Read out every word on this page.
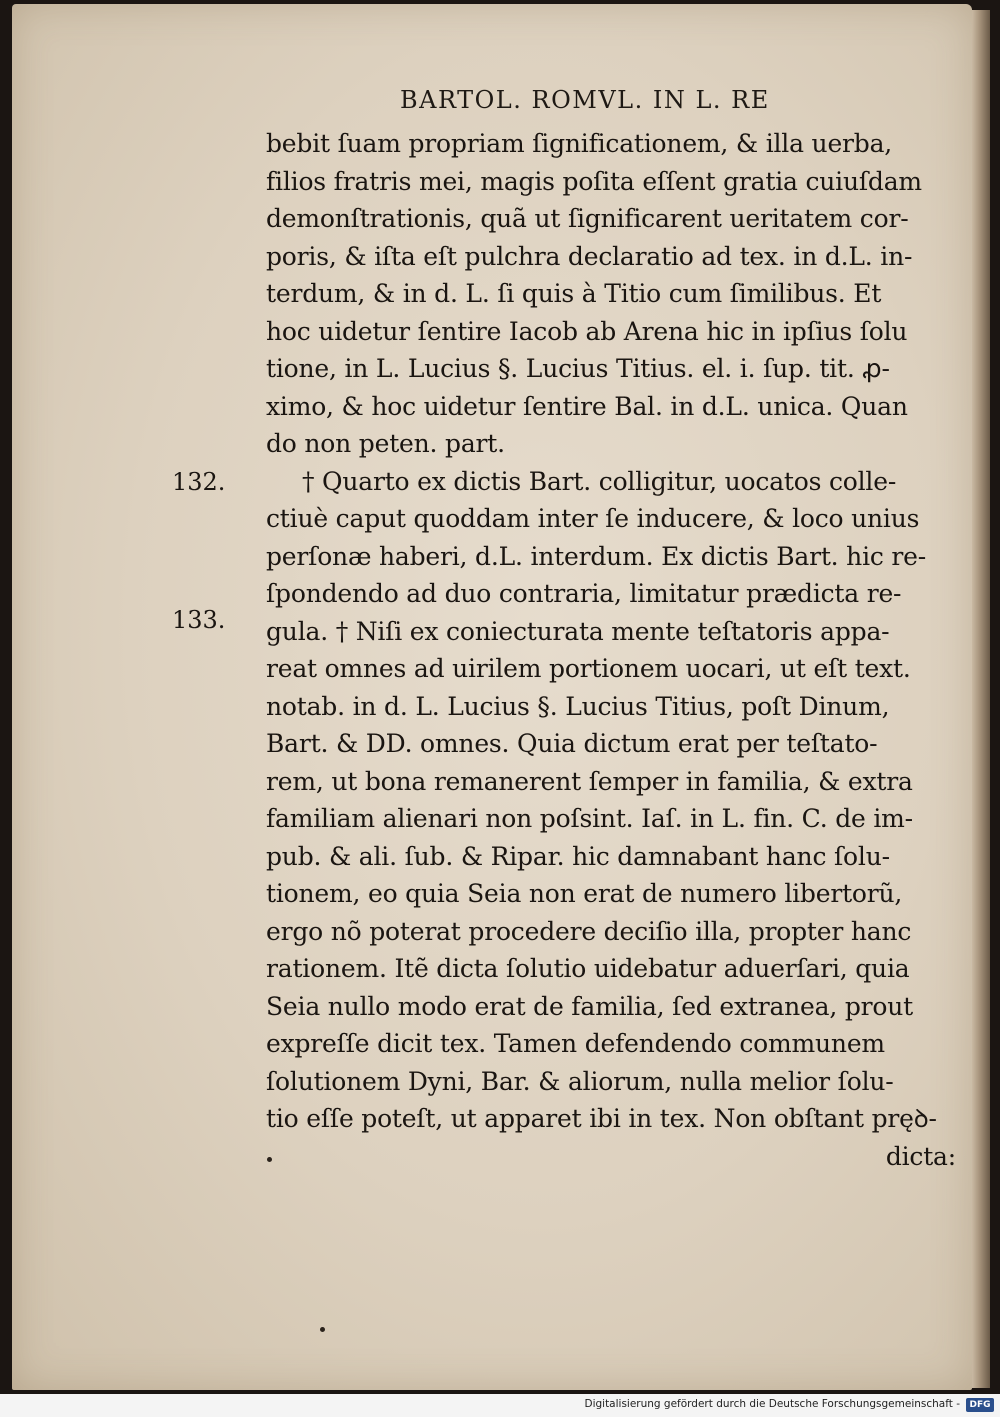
BARTOL. ROMVL. IN L. RE
132.
133.
bebit ſuam propriam ſignificationem, & illa uerba,
filios fratris mei, magis poſita eſſent gratia cuiuſdam
demonſtrationis, quã ut ſignificarent ueritatem cor-
poris, & iſta eſt pulchra declaratio ad tex. in d.L. in-
terdum, & in d. L. ſi quis à Titio cum ſimilibus. Et
hoc uidetur ſentire Iacob ab Arena hic in ipſius ſolu
tione, in L. Lucius §. Lucius Titius. el. i. ſup. tit. ꝓ-
ximo, & hoc uidetur ſentire Bal. in d.L. unica. Quan
do non peten. part.
† Quarto ex dictis Bart. colligitur, uocatos colle-
ctiuè caput quoddam inter ſe inducere, & loco unius
perſonæ haberi, d.L. interdum. Ex dictis Bart. hic re-
ſpondendo ad duo contraria, limitatur prædicta re-
gula. † Niſi ex coniecturata mente teſtatoris appa-
reat omnes ad uirilem portionem uocari, ut eſt text.
notab. in d. L. Lucius §. Lucius Titius, poſt Dinum,
Bart. & DD. omnes. Quia dictum erat per teſtato-
rem, ut bona remanerent ſemper in familia, & extra
familiam alienari non poſsint. Iaſ. in L. fin. C. de im-
pub. & ali. ſub. & Ripar. hic damnabant hanc ſolu-
tionem, eo quia Seia non erat de numero libertorũ,
ergo nõ poterat procedere deciſio illa, propter hanc
rationem. Itẽ dicta ſolutio uidebatur aduerſari, quia
Seia nullo modo erat de familia, ſed extranea, prout
expreſſe dicit tex. Tamen defendendo communem
ſolutionem Dyni, Bar. & aliorum, nulla melior ſolu-
tio eſſe poteſt, ut apparet ibi in tex. Non obſtant pręꝺ-
dicta:
Digitalisierung gefördert durch die Deutsche Forschungsgemeinschaft -	DFG
